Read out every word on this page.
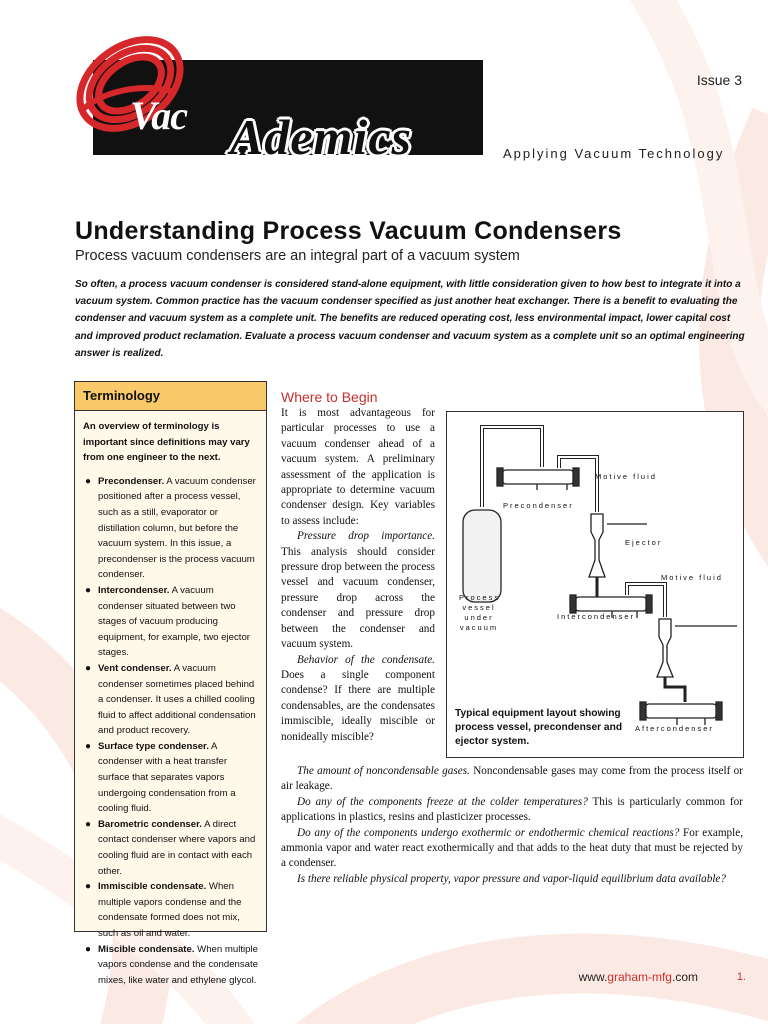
Vac Ademics
Issue 3
Applying Vacuum Technology
Understanding Process Vacuum Condensers
Process vacuum condensers are an integral part of a vacuum system
So often, a process vacuum condenser is considered stand-alone equipment, with little consideration given to how best to integrate it into a vacuum system. Common practice has the vacuum condenser specified as just another heat exchanger. There is a benefit to evaluating the condenser and vacuum system as a complete unit. The benefits are reduced operating cost, less environmental impact, lower capital cost and improved product reclamation. Evaluate a process vacuum condenser and vacuum system as a complete unit so an optimal engineering answer is realized.
Terminology
An overview of terminology is important since definitions may vary from one engineer to the next.
● Precondenser. A vacuum condenser positioned after a process vessel, such as a still, evaporator or distillation column, but before the vacuum system. In this issue, a precondenser is the process vacuum condenser.
● Intercondenser. A vacuum condenser situated between two stages of vacuum producing equipment, for example, two ejector stages.
● Vent condenser. A vacuum condenser sometimes placed behind a condenser. It uses a chilled cooling fluid to affect additional condensation and product recovery.
● Surface type condenser. A condenser with a heat transfer surface that separates vapors undergoing condensation from a cooling fluid.
● Barometric condenser. A direct contact condenser where vapors and cooling fluid are in contact with each other.
● Immiscible condensate. When multiple vapors condense and the condensate formed does not mix, such as oil and water.
● Miscible condensate. When multiple vapors condense and the condensate mixes, like water and ethylene glycol.
Where to Begin

It is most advantageous for particular processes to use a vacuum condenser ahead of a vacuum system. A preliminary assessment of the application is appropriate to determine vacuum condenser design. Key variables to assess include:

Pressure drop importance. This analysis should consider pressure drop between the process vessel and vacuum condenser, pressure drop across the condenser and pressure drop between the condenser and vacuum system.

Behavior of the condensate. Does a single component condense? If there are multiple condensables, are the condensates immiscible, ideally miscible or nonideally miscible?

The amount of noncondensable gases. Noncondensable gases may come from the process itself or air leakage.

Do any of the components freeze at the colder temperatures? This is particularly common for applications in plastics, resins and plasticizer processes.

Do any of the components undergo exothermic or endothermic chemical reactions? For example, ammonia vapor and water react exothermically and that adds to the heat duty that must be rejected by a condenser.

Is there reliable physical property, vapor pressure and vapor-liquid equilibrium data available?

Motive fluid
Precondenser
Ejector
Motive fluid
Process
vessel
under
vacuum
Intercondenser
Aftercondenser
Typical equipment layout showing process vessel, precondenser and ejector system.
www.graham-mfg.com	1.
